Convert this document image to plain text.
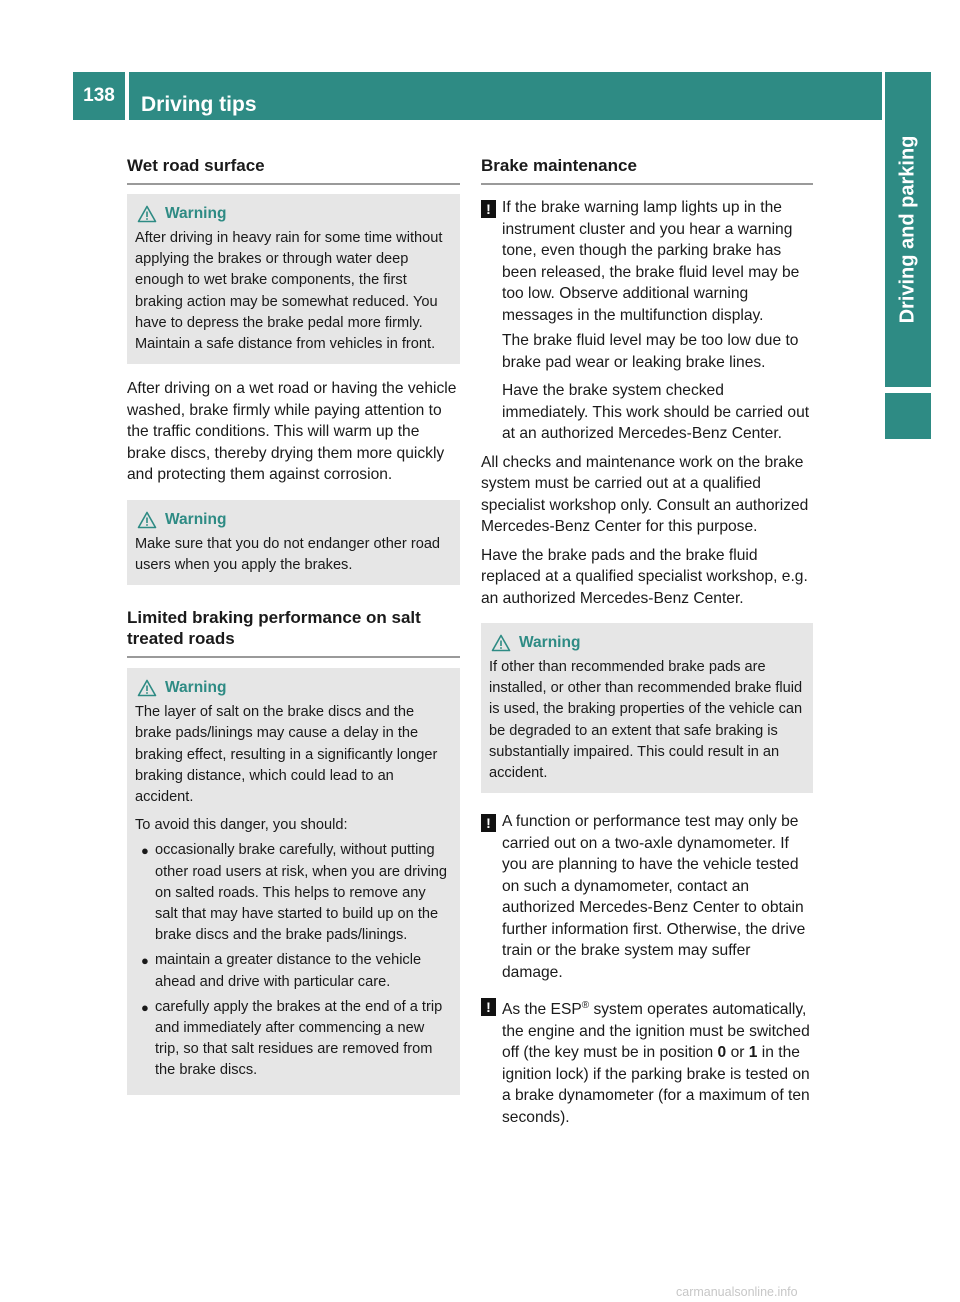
138	Driving tips
Driving and parking
Wet road surface
Warning
After driving in heavy rain for some time without applying the brakes or through water deep enough to wet brake components, the first braking action may be somewhat reduced. You have to depress the brake pedal more firmly. Maintain a safe distance from vehicles in front.
After driving on a wet road or having the vehicle washed, brake firmly while paying attention to the traffic conditions. This will warm up the brake discs, thereby drying them more quickly and protecting them against corrosion.
Warning
Make sure that you do not endanger other road users when you apply the brakes.
Limited braking performance on salt treated roads
Warning
The layer of salt on the brake discs and the brake pads/linings may cause a delay in the braking effect, resulting in a significantly longer braking distance, which could lead to an accident.
To avoid this danger, you should:
● occasionally brake carefully, without putting other road users at risk, when you are driving on salted roads. This helps to remove any salt that may have started to build up on the brake discs and the brake pads/linings.
● maintain a greater distance to the vehicle ahead and drive with particular care.
● carefully apply the brakes at the end of a trip and immediately after commencing a new trip, so that salt residues are removed from the brake discs.
Brake maintenance
! If the brake warning lamp lights up in the instrument cluster and you hear a warning tone, even though the parking brake has been released, the brake fluid level may be too low. Observe additional warning messages in the multifunction display.
The brake fluid level may be too low due to brake pad wear or leaking brake lines.
Have the brake system checked immediately. This work should be carried out at an authorized Mercedes-Benz Center.
All checks and maintenance work on the brake system must be carried out at a qualified specialist workshop only. Consult an authorized Mercedes-Benz Center for this purpose.
Have the brake pads and the brake fluid replaced at a qualified specialist workshop, e.g. an authorized Mercedes-Benz Center.
Warning
If other than recommended brake pads are installed, or other than recommended brake fluid is used, the braking properties of the vehicle can be degraded to an extent that safe braking is substantially impaired. This could result in an accident.
! A function or performance test may only be carried out on a two-axle dynamometer. If you are planning to have the vehicle tested on such a dynamometer, contact an authorized Mercedes-Benz Center to obtain further information first. Otherwise, the drive train or the brake system may suffer damage.
! As the ESP® system operates automatically, the engine and the ignition must be switched off (the key must be in position 0 or 1 in the ignition lock) if the parking brake is tested on a brake dynamometer (for a maximum of ten seconds).
carmanualsonline.info
